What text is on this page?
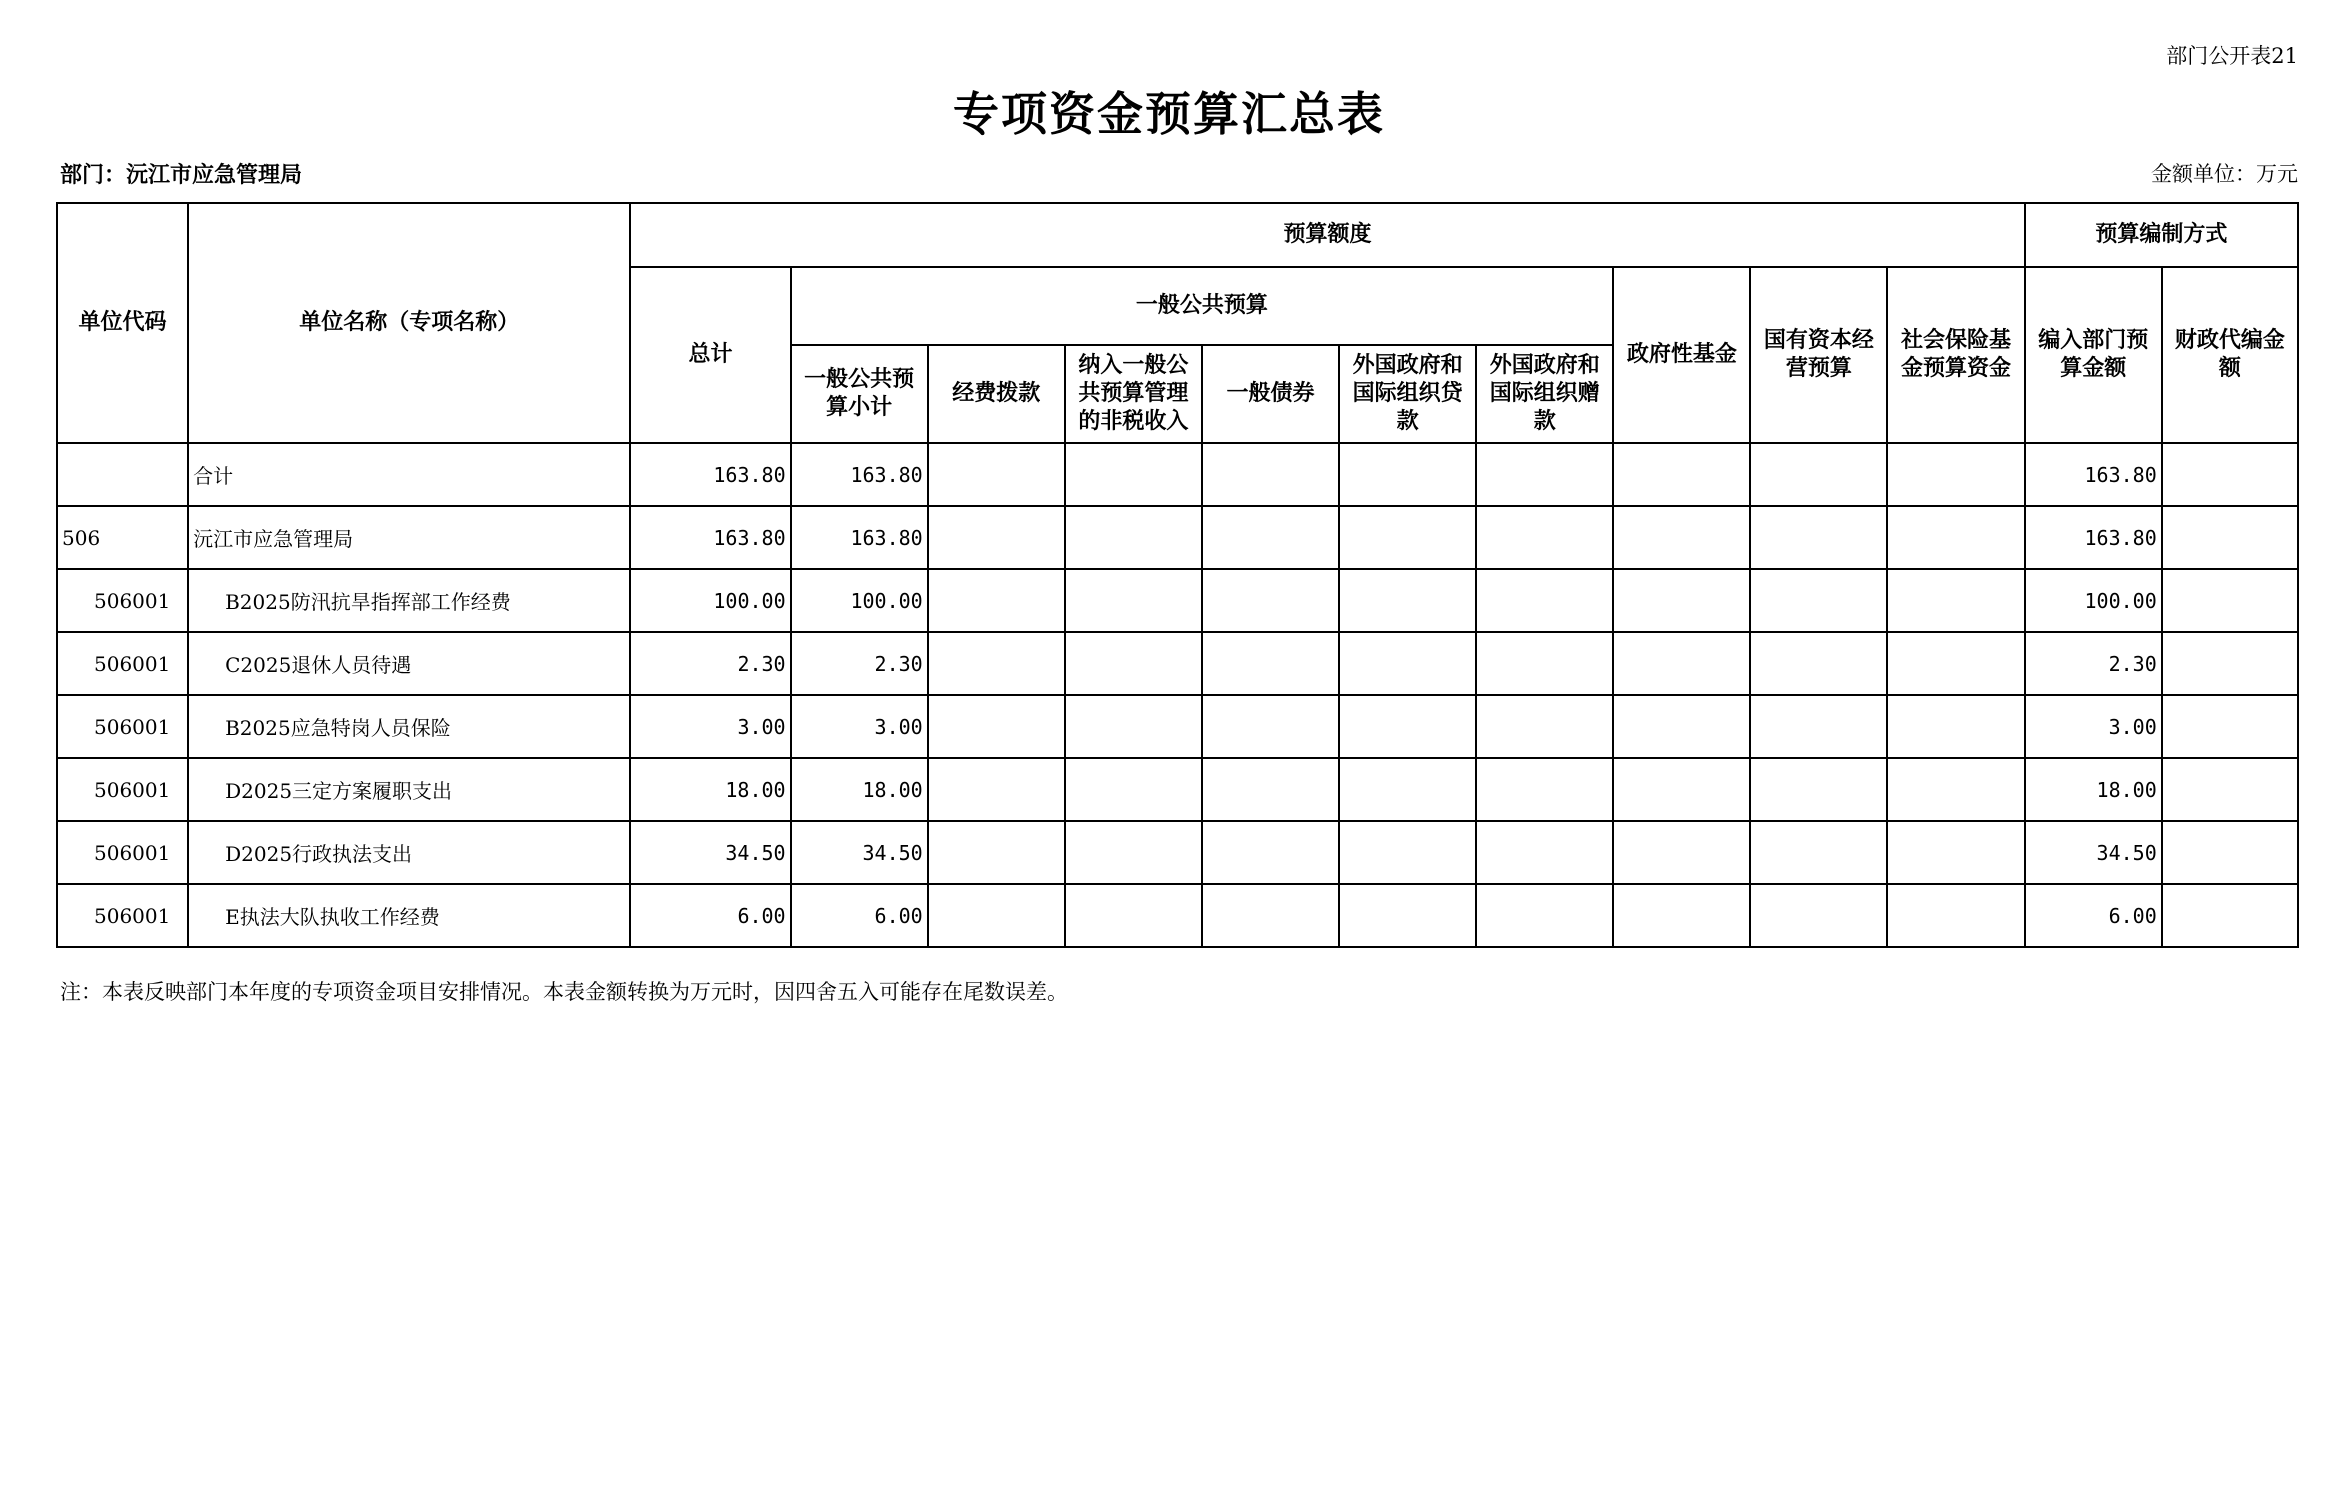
部门公开表21
专项资金预算汇总表
部门：沅江市应急管理局	金额单位：万元
单位代码	单位名称（专项名称）	预算额度										预算编制方式	
		总计	一般公共预算						政府性基金	国有资本经营预算	社会保险基金预算资金	编入部门预算金额	财政代编金额
			一般公共预算小计	经费拨款	纳入一般公共预算管理的非税收入	一般债券	外国政府和国际组织贷款	外国政府和国际组织赠款					
	合计	163.80	163.80									163.80	
506	沅江市应急管理局	163.80	163.80									163.80	
506001	B2025防汛抗旱指挥部工作经费	100.00	100.00									100.00	
506001	C2025退休人员待遇	2.30	2.30									2.30	
506001	B2025应急特岗人员保险	3.00	3.00									3.00	
506001	D2025三定方案履职支出	18.00	18.00									18.00	
506001	D2025行政执法支出	34.50	34.50									34.50	
506001	E执法大队执收工作经费	6.00	6.00									6.00	
注：本表反映部门本年度的专项资金项目安排情况。本表金额转换为万元时，因四舍五入可能存在尾数误差。
